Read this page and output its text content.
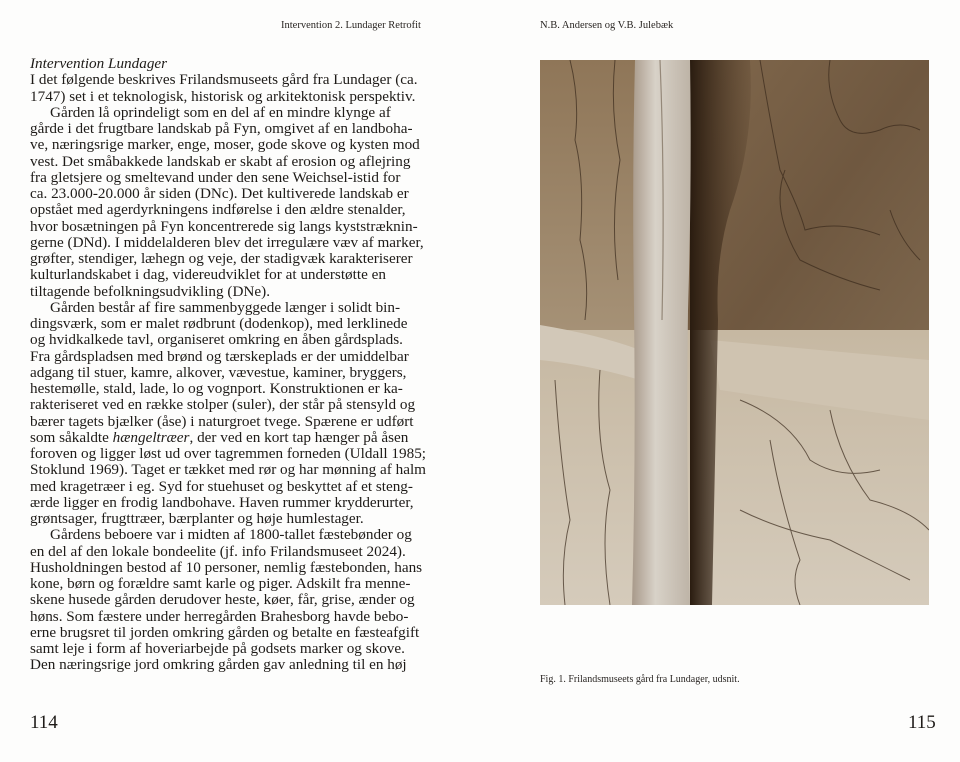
Intervention 2. Lundager Retrofit	N.B. Andersen og V.B. Julebæk
Intervention Lundager
I det følgende beskrives Frilandsmuseets gård fra Lundager (ca.
1747) set i et teknologisk, historisk og arkitektonisk perspektiv.
Gården lå oprindeligt som en del af en mindre klynge af
gårde i det frugtbare landskab på Fyn, omgivet af en landboha-
ve, næringsrige marker, enge, moser, gode skove og kysten mod
vest. Det småbakkede landskab er skabt af erosion og aflejring
fra gletsjere og smeltevand under den sene Weichsel-istid for
ca. 23.000-20.000 år siden (DNc). Det kultiverede landskab er
opstået med agerdyrkningens indførelse i den ældre stenalder,
hvor bosætningen på Fyn koncentrerede sig langs kyststræknin-
gerne (DNd). I middelalderen blev det irregulære væv af marker,
grøfter, stendiger, læhegn og veje, der stadigvæk karakteriserer
kulturlandskabet i dag, videreudviklet for at understøtte en
tiltagende befolkningsudvikling (DNe).
Gården består af fire sammenbyggede længer i solidt bin-
dingsværk, som er malet rødbrunt (dodenkop), med lerklinede
og hvidkalkede tavl, organiseret omkring en åben gårdsplads.
Fra gårdspladsen med brønd og tærskeplads er der umiddelbar
adgang til stuer, kamre, alkover, vævestue, kaminer, bryggers,
hestemølle, stald, lade, lo og vognport. Konstruktionen er ka-
rakteriseret ved en række stolper (suler), der står på stensyld og
bærer tagets bjælker (åse) i naturgroet tvege. Spærene er udført
som såkaldte hængeltræer, der ved en kort tap hænger på åsen
foroven og ligger løst ud over tagremmen forneden (Uldall 1985;
Stoklund 1969). Taget er tækket med rør og har mønning af halm
med kragetræer i eg. Syd for stuehuset og beskyttet af et steng-
ærde ligger en frodig landbohave. Haven rummer krydderurter,
grøntsager, frugttræer, bærplanter og høje humlestager.
Gårdens beboere var i midten af 1800-tallet fæstebønder og
en del af den lokale bondeelite (jf. info Frilandsmuseet 2024).
Husholdningen bestod af 10 personer, nemlig fæstebonden, hans
kone, børn og forældre samt karle og piger. Adskilt fra menne-
skene husede gården derudover heste, køer, får, grise, ænder og
høns. Som fæstere under herregården Brahesborg havde bebo-
erne brugsret til jorden omkring gården og betalte en fæsteafgift
samt leje i form af hoveriarbejde på godsets marker og skove.
Den næringsrige jord omkring gården gav anledning til en høj
Fig. 1. Frilandsmuseets gård fra Lundager, udsnit.
114	115
